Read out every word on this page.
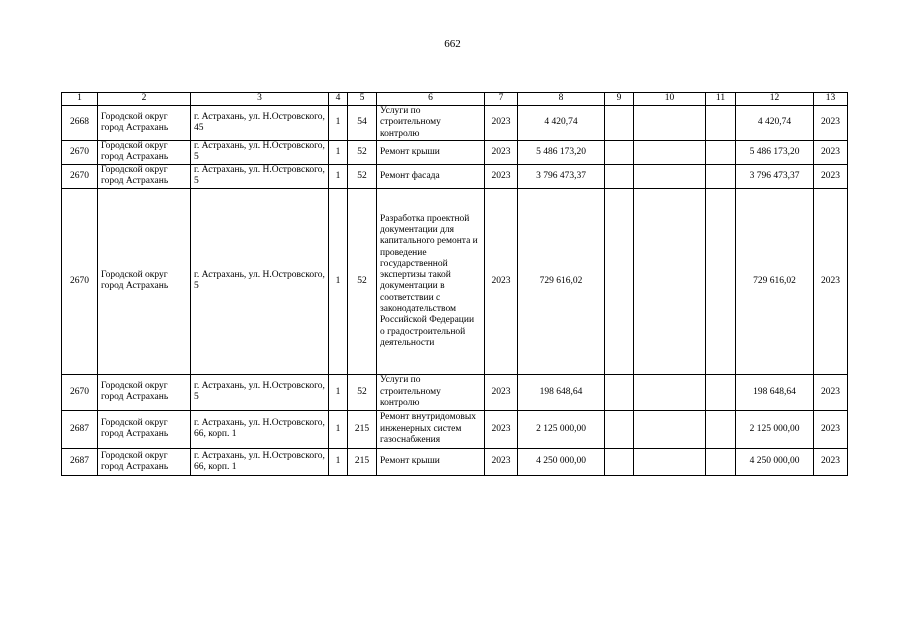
662
1	2	3	4	5	6	7	8	9	10	11	12	13
2668	Городской округ город Астрахань	г. Астрахань, ул. Н.Островского, 45	1	54	Услуги по строительному контролю	2023	4 420,74				4 420,74	2023
2670	Городской округ город Астрахань	г. Астрахань, ул. Н.Островского, 5	1	52	Ремонт крыши	2023	5 486 173,20				5 486 173,20	2023
2670	Городской округ город Астрахань	г. Астрахань, ул. Н.Островского, 5	1	52	Ремонт фасада	2023	3 796 473,37				3 796 473,37	2023
2670	Городской округ город Астрахань	г. Астрахань, ул. Н.Островского, 5	1	52	Разработка проектной документации для капитального ремонта и проведение государственной экспертизы такой документации в соответствии с законодательством Российской Федерации о градостроительной деятельности	2023	729 616,02				729 616,02	2023
2670	Городской округ город Астрахань	г. Астрахань, ул. Н.Островского, 5	1	52	Услуги по строительному контролю	2023	198 648,64				198 648,64	2023
2687	Городской округ город Астрахань	г. Астрахань, ул. Н.Островского, 66, корп. 1	1	215	Ремонт внутридомовых инженерных систем газоснабжения	2023	2 125 000,00				2 125 000,00	2023
2687	Городской округ город Астрахань	г. Астрахань, ул. Н.Островского, 66, корп. 1	1	215	Ремонт крыши	2023	4 250 000,00				4 250 000,00	2023
